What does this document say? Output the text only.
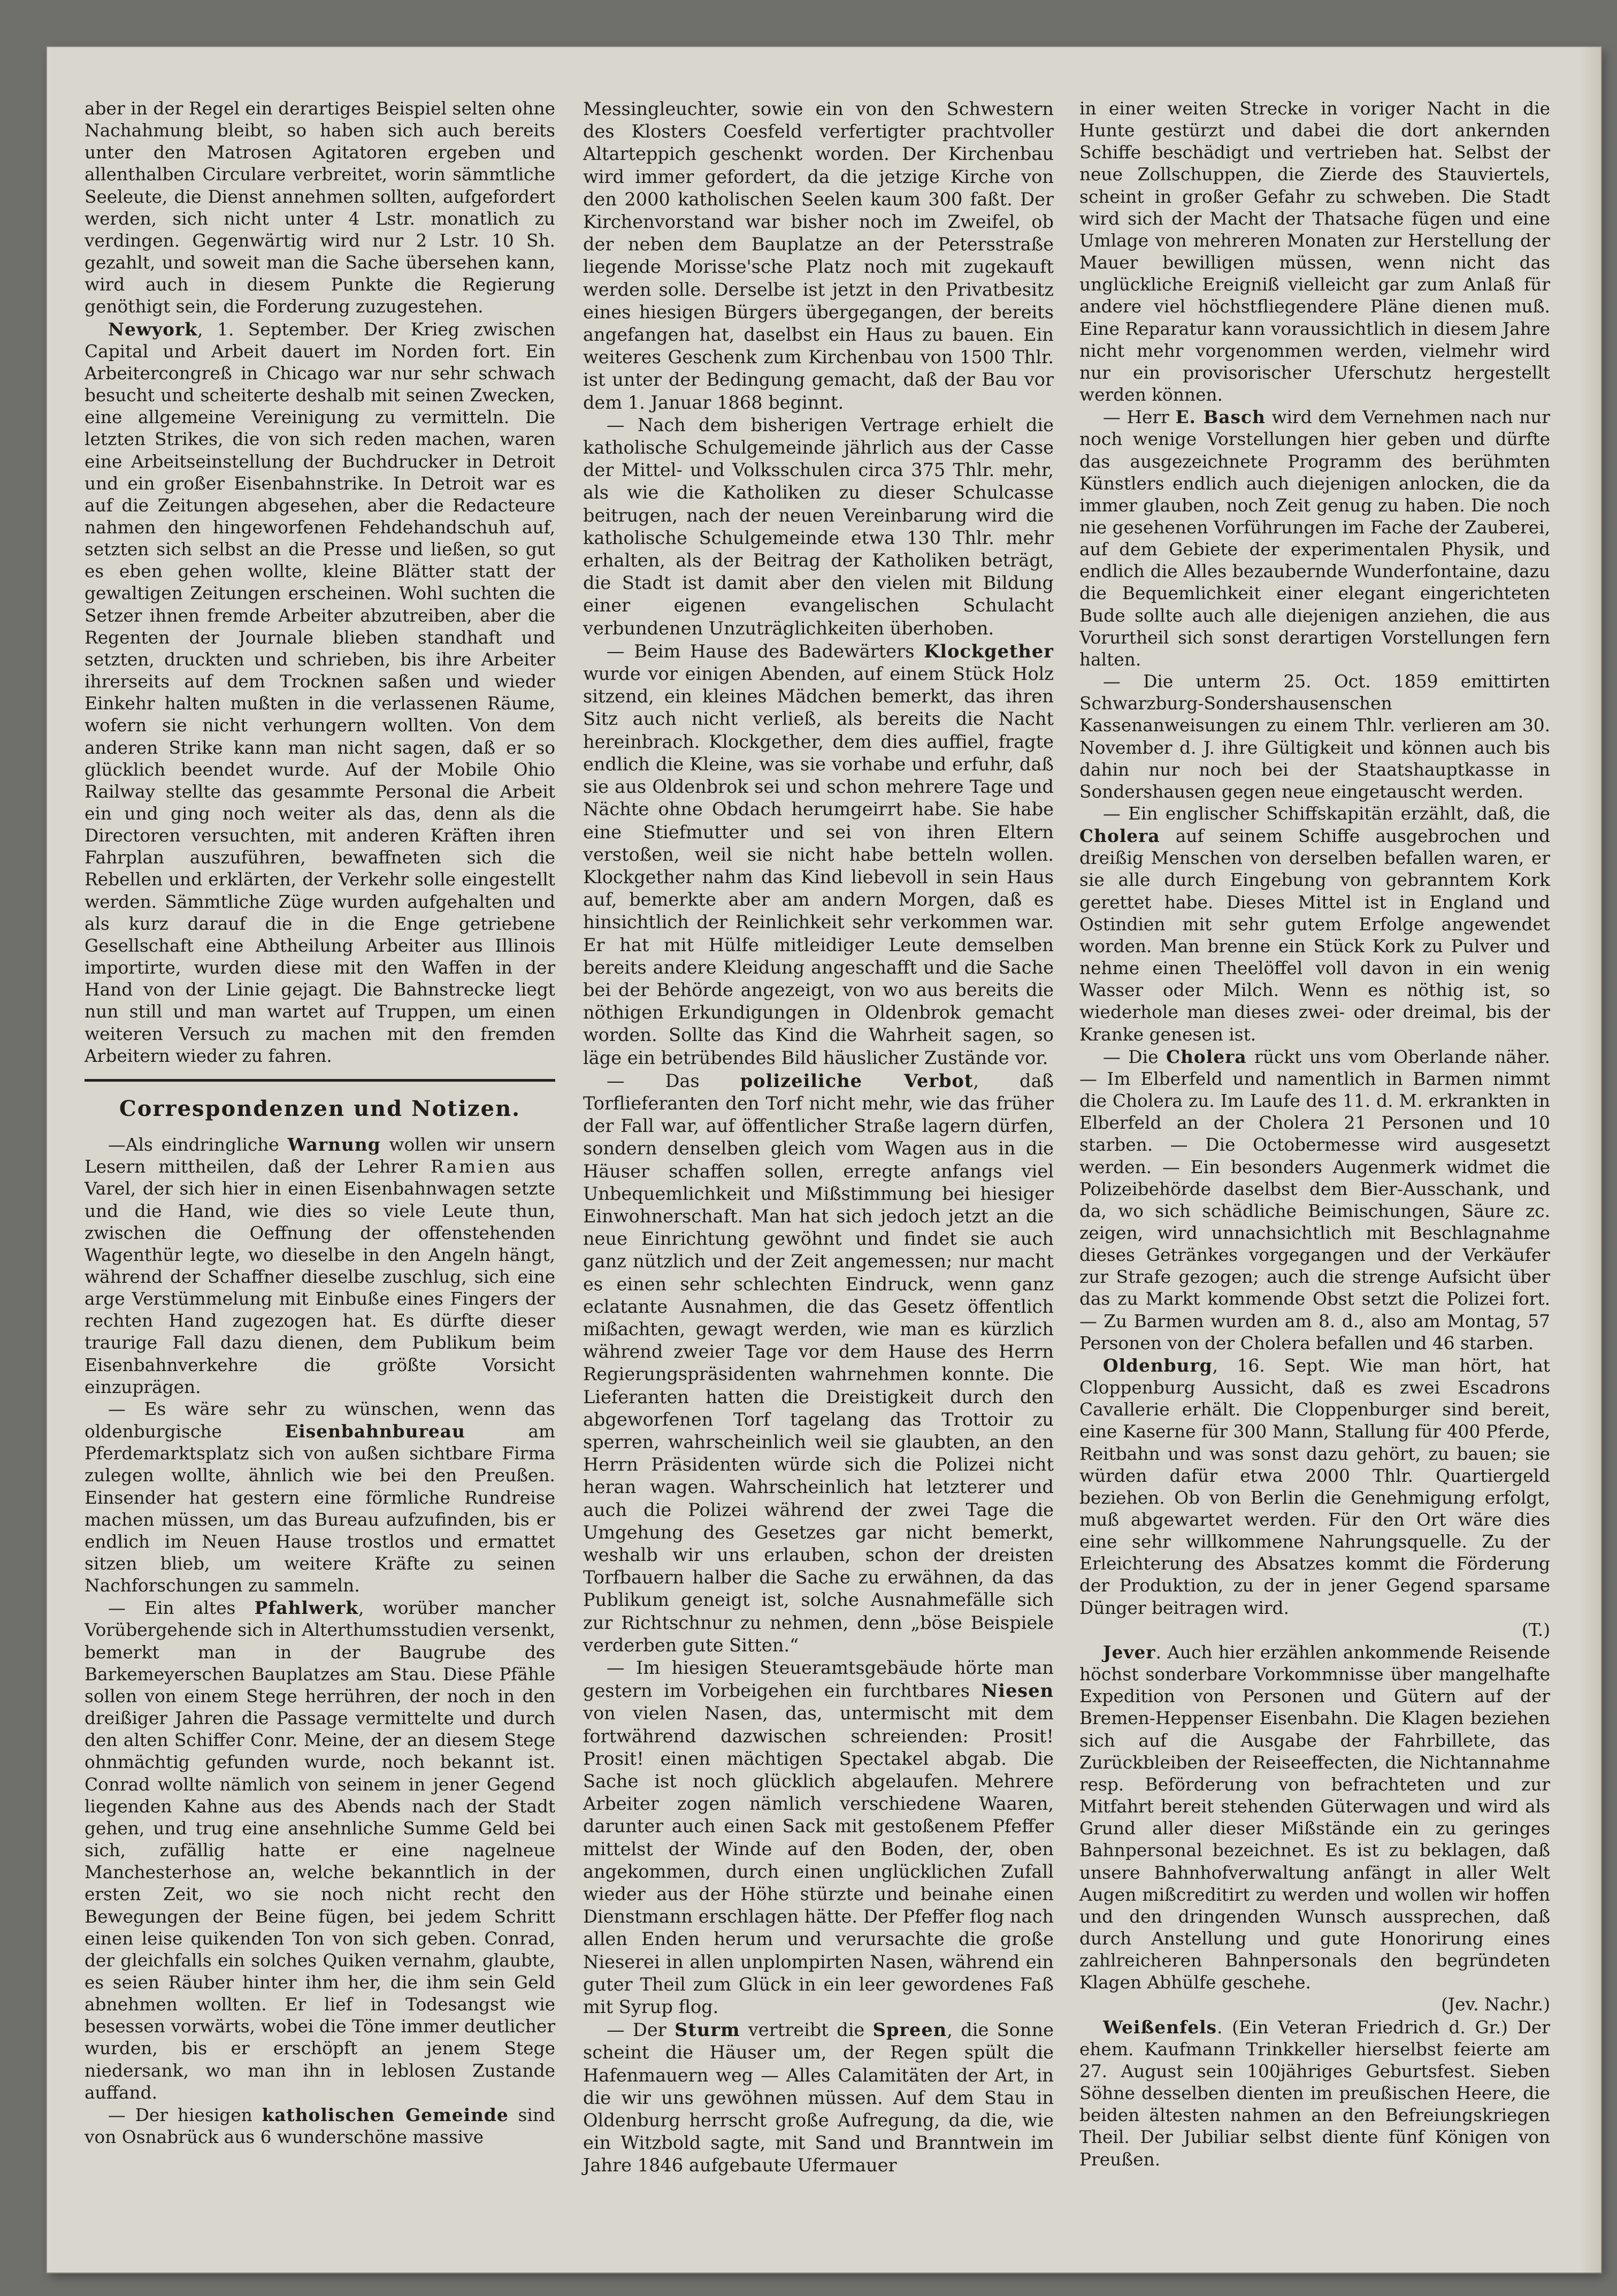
aber in der Regel ein derartiges Beispiel selten ohne Nachahmung bleibt, so haben sich auch bereits unter den Matrosen Agitatoren ergeben und allenthalben Circulare verbreitet, worin sämmtliche Seeleute, die Dienst annehmen sollten, aufgefordert werden, sich nicht unter 4 Lstr. monatlich zu verdingen. Gegenwärtig wird nur 2 Lstr. 10 Sh. gezahlt, und soweit man die Sache übersehen kann, wird auch in diesem Punkte die Regierung genöthigt sein, die Forderung zuzugestehen.

Newyork, 1. September. Der Krieg zwischen Capital und Arbeit dauert im Norden fort. Ein Arbeitercongreß in Chicago war nur sehr schwach besucht und scheiterte deshalb mit seinen Zwecken, eine allgemeine Vereinigung zu vermitteln. Die letzten Strikes, die von sich reden machen, waren eine Arbeitseinstellung der Buchdrucker in Detroit und ein großer Eisenbahnstrike. In Detroit war es auf die Zeitungen abgesehen, aber die Redacteure nahmen den hingeworfenen Fehdehandschuh auf, setzten sich selbst an die Presse und ließen, so gut es eben gehen wollte, kleine Blätter statt der gewaltigen Zeitungen erscheinen. Wohl suchten die Setzer ihnen fremde Arbeiter abzutreiben, aber die Regenten der Journale blieben standhaft und setzten, druckten und schrieben, bis ihre Arbeiter ihrerseits auf dem Trocknen saßen und wieder Einkehr halten mußten in die verlassenen Räume, wofern sie nicht verhungern wollten. Von dem anderen Strike kann man nicht sagen, daß er so glücklich beendet wurde. Auf der Mobile Ohio Railway stellte das gesammte Personal die Arbeit ein und ging noch weiter als das, denn als die Directoren versuchten, mit anderen Kräften ihren Fahrplan auszuführen, bewaffneten sich die Rebellen und erklärten, der Verkehr solle eingestellt werden. Sämmtliche Züge wurden aufgehalten und als kurz darauf die in die Enge getriebene Gesellschaft eine Abtheilung Arbeiter aus Illinois importirte, wurden diese mit den Waffen in der Hand von der Linie gejagt. Die Bahnstrecke liegt nun still und man wartet auf Truppen, um einen weiteren Versuch zu machen mit den fremden Arbeitern wieder zu fahren.

Correspondenzen und Notizen.

—Als eindringliche Warnung wollen wir unsern Lesern mittheilen, daß der Lehrer Ramien aus Varel, der sich hier in einen Eisenbahnwagen setzte und die Hand, wie dies so viele Leute thun, zwischen die Oeffnung der offenstehenden Wagenthür legte, wo dieselbe in den Angeln hängt, während der Schaffner dieselbe zuschlug, sich eine arge Verstümmelung mit Einbuße eines Fingers der rechten Hand zugezogen hat. Es dürfte dieser traurige Fall dazu dienen, dem Publikum beim Eisenbahnverkehre die größte Vorsicht einzuprägen.

— Es wäre sehr zu wünschen, wenn das oldenburgische Eisenbahnbureau am Pferdemarktsplatz sich von außen sichtbare Firma zulegen wollte, ähnlich wie bei den Preußen. Einsender hat gestern eine förmliche Rundreise machen müssen, um das Bureau aufzufinden, bis er endlich im Neuen Hause trostlos und ermattet sitzen blieb, um weitere Kräfte zu seinen Nachforschungen zu sammeln.

— Ein altes Pfahlwerk, worüber mancher Vorübergehende sich in Alterthumsstudien versenkt, bemerkt man in der Baugrube des Barkemeyerschen Bauplatzes am Stau. Diese Pfähle sollen von einem Stege herrühren, der noch in den dreißiger Jahren die Passage vermittelte und durch den alten Schiffer Conr. Meine, der an diesem Stege ohnmächtig gefunden wurde, noch bekannt ist. Conrad wollte nämlich von seinem in jener Gegend liegenden Kahne aus des Abends nach der Stadt gehen, und trug eine ansehnliche Summe Geld bei sich, zufällig hatte er eine nagelneue Manchesterhose an, welche bekanntlich in der ersten Zeit, wo sie noch nicht recht den Bewegungen der Beine fügen, bei jedem Schritt einen leise quikenden Ton von sich geben. Conrad, der gleichfalls ein solches Quiken vernahm, glaubte, es seien Räuber hinter ihm her, die ihm sein Geld abnehmen wollten. Er lief in Todesangst wie besessen vorwärts, wobei die Töne immer deutlicher wurden, bis er erschöpft an jenem Stege niedersank, wo man ihn in leblosen Zustande auffand.

— Der hiesigen katholischen Gemeinde sind von Osnabrück aus 6 wunderschöne massive

Messingleuchter, sowie ein von den Schwestern des Klosters Coesfeld verfertigter prachtvoller Altarteppich geschenkt worden. Der Kirchenbau wird immer gefordert, da die jetzige Kirche von den 2000 katholischen Seelen kaum 300 faßt. Der Kirchenvorstand war bisher noch im Zweifel, ob der neben dem Bauplatze an der Petersstraße liegende Morisse'sche Platz noch mit zugekauft werden solle. Derselbe ist jetzt in den Privatbesitz eines hiesigen Bürgers übergegangen, der bereits angefangen hat, daselbst ein Haus zu bauen. Ein weiteres Geschenk zum Kirchenbau von 1500 Thlr. ist unter der Bedingung gemacht, daß der Bau vor dem 1. Januar 1868 beginnt.

— Nach dem bisherigen Vertrage erhielt die katholische Schulgemeinde jährlich aus der Casse der Mittel- und Volksschulen circa 375 Thlr. mehr, als wie die Katholiken zu dieser Schulcasse beitrugen, nach der neuen Vereinbarung wird die katholische Schulgemeinde etwa 130 Thlr. mehr erhalten, als der Beitrag der Katholiken beträgt, die Stadt ist damit aber den vielen mit Bildung einer eigenen evangelischen Schulacht verbundenen Unzuträglichkeiten überhoben.

— Beim Hause des Badewärters Klockgether wurde vor einigen Abenden, auf einem Stück Holz sitzend, ein kleines Mädchen bemerkt, das ihren Sitz auch nicht verließ, als bereits die Nacht hereinbrach. Klockgether, dem dies auffiel, fragte endlich die Kleine, was sie vorhabe und erfuhr, daß sie aus Oldenbrok sei und schon mehrere Tage und Nächte ohne Obdach herumgeirrt habe. Sie habe eine Stiefmutter und sei von ihren Eltern verstoßen, weil sie nicht habe betteln wollen. Klockgether nahm das Kind liebevoll in sein Haus auf, bemerkte aber am andern Morgen, daß es hinsichtlich der Reinlichkeit sehr verkommen war. Er hat mit Hülfe mitleidiger Leute demselben bereits andere Kleidung angeschafft und die Sache bei der Behörde angezeigt, von wo aus bereits die nöthigen Erkundigungen in Oldenbrok gemacht worden. Sollte das Kind die Wahrheit sagen, so läge ein betrübendes Bild häuslicher Zustände vor.

— Das polizeiliche Verbot, daß Torflieferanten den Torf nicht mehr, wie das früher der Fall war, auf öffentlicher Straße lagern dürfen, sondern denselben gleich vom Wagen aus in die Häuser schaffen sollen, erregte anfangs viel Unbequemlichkeit und Mißstimmung bei hiesiger Einwohnerschaft. Man hat sich jedoch jetzt an die neue Einrichtung gewöhnt und findet sie auch ganz nützlich und der Zeit angemessen; nur macht es einen sehr schlechten Eindruck, wenn ganz eclatante Ausnahmen, die das Gesetz öffentlich mißachten, gewagt werden, wie man es kürzlich während zweier Tage vor dem Hause des Herrn Regierungspräsidenten wahrnehmen konnte. Die Lieferanten hatten die Dreistigkeit durch den abgeworfenen Torf tagelang das Trottoir zu sperren, wahrscheinlich weil sie glaubten, an den Herrn Präsidenten würde sich die Polizei nicht heran wagen. Wahrscheinlich hat letzterer und auch die Polizei während der zwei Tage die Umgehung des Gesetzes gar nicht bemerkt, weshalb wir uns erlauben, schon der dreisten Torfbauern halber die Sache zu erwähnen, da das Publikum geneigt ist, solche Ausnahmefälle sich zur Richtschnur zu nehmen, denn „böse Beispiele verderben gute Sitten.“

— Im hiesigen Steueramtsgebäude hörte man gestern im Vorbeigehen ein furchtbares Niesen von vielen Nasen, das, untermischt mit dem fortwährend dazwischen schreienden: Prosit! Prosit! einen mächtigen Spectakel abgab. Die Sache ist noch glücklich abgelaufen. Mehrere Arbeiter zogen nämlich verschiedene Waaren, darunter auch einen Sack mit gestoßenem Pfeffer mittelst der Winde auf den Boden, der, oben angekommen, durch einen unglücklichen Zufall wieder aus der Höhe stürzte und beinahe einen Dienstmann erschlagen hätte. Der Pfeffer flog nach allen Enden herum und verursachte die große Nieserei in allen unplompirten Nasen, während ein guter Theil zum Glück in ein leer gewordenes Faß mit Syrup flog.

— Der Sturm vertreibt die Spreen, die Sonne scheint die Häuser um, der Regen spült die Hafenmauern weg — Alles Calamitäten der Art, in die wir uns gewöhnen müssen. Auf dem Stau in Oldenburg herrscht große Aufregung, da die, wie ein Witzbold sagte, mit Sand und Branntwein im Jahre 1846 aufgebaute Ufermauer

in einer weiten Strecke in voriger Nacht in die Hunte gestürzt und dabei die dort ankernden Schiffe beschädigt und vertrieben hat. Selbst der neue Zollschuppen, die Zierde des Stauviertels, scheint in großer Gefahr zu schweben. Die Stadt wird sich der Macht der Thatsache fügen und eine Umlage von mehreren Monaten zur Herstellung der Mauer bewilligen müssen, wenn nicht das unglückliche Ereigniß vielleicht gar zum Anlaß für andere viel höchstfliegendere Pläne dienen muß. Eine Reparatur kann voraussichtlich in diesem Jahre nicht mehr vorgenommen werden, vielmehr wird nur ein provisorischer Uferschutz hergestellt werden können.

— Herr E. Basch wird dem Vernehmen nach nur noch wenige Vorstellungen hier geben und dürfte das ausgezeichnete Programm des berühmten Künstlers endlich auch diejenigen anlocken, die da immer glauben, noch Zeit genug zu haben. Die noch nie gesehenen Vorführungen im Fache der Zauberei, auf dem Gebiete der experimentalen Physik, und endlich die Alles bezaubernde Wunderfontaine, dazu die Bequemlichkeit einer elegant eingerichteten Bude sollte auch alle diejenigen anziehen, die aus Vorurtheil sich sonst derartigen Vorstellungen fern halten.

— Die unterm 25. Oct. 1859 emittirten Schwarzburg-Sondershausenschen Kassenanweisungen zu einem Thlr. verlieren am 30. November d. J. ihre Gültigkeit und können auch bis dahin nur noch bei der Staatshauptkasse in Sondershausen gegen neue eingetauscht werden.

— Ein englischer Schiffskapitän erzählt, daß, die Cholera auf seinem Schiffe ausgebrochen und dreißig Menschen von derselben befallen waren, er sie alle durch Eingebung von gebranntem Kork gerettet habe. Dieses Mittel ist in England und Ostindien mit sehr gutem Erfolge angewendet worden. Man brenne ein Stück Kork zu Pulver und nehme einen Theelöffel voll davon in ein wenig Wasser oder Milch. Wenn es nöthig ist, so wiederhole man dieses zwei- oder dreimal, bis der Kranke genesen ist.

— Die Cholera rückt uns vom Oberlande näher. — Im Elberfeld und namentlich in Barmen nimmt die Cholera zu. Im Laufe des 11. d. M. erkrankten in Elberfeld an der Cholera 21 Personen und 10 starben. — Die Octobermesse wird ausgesetzt werden. — Ein besonders Augenmerk widmet die Polizeibehörde daselbst dem Bier-Ausschank, und da, wo sich schädliche Beimischungen, Säure zc. zeigen, wird unnachsichtlich mit Beschlagnahme dieses Getränkes vorgegangen und der Verkäufer zur Strafe gezogen; auch die strenge Aufsicht über das zu Markt kommende Obst setzt die Polizei fort. — Zu Barmen wurden am 8. d., also am Montag, 57 Personen von der Cholera befallen und 46 starben.

Oldenburg, 16. Sept. Wie man hört, hat Cloppenburg Aussicht, daß es zwei Escadrons Cavallerie erhält. Die Cloppenburger sind bereit, eine Kaserne für 300 Mann, Stallung für 400 Pferde, Reitbahn und was sonst dazu gehört, zu bauen; sie würden dafür etwa 2000 Thlr. Quartiergeld beziehen. Ob von Berlin die Genehmigung erfolgt, muß abgewartet werden. Für den Ort wäre dies eine sehr willkommene Nahrungsquelle. Zu der Erleichterung des Absatzes kommt die Förderung der Produktion, zu der in jener Gegend sparsame Dünger beitragen wird.

(T.)

Jever. Auch hier erzählen ankommende Reisende höchst sonderbare Vorkommnisse über mangelhafte Expedition von Personen und Gütern auf der Bremen-Heppenser Eisenbahn. Die Klagen beziehen sich auf die Ausgabe der Fahrbillete, das Zurückbleiben der Reiseeffecten, die Nichtannahme resp. Beförderung von befrachteten und zur Mitfahrt bereit stehenden Güterwagen und wird als Grund aller dieser Mißstände ein zu geringes Bahnpersonal bezeichnet. Es ist zu beklagen, daß unsere Bahnhofverwaltung anfängt in aller Welt Augen mißcreditirt zu werden und wollen wir hoffen und den dringenden Wunsch aussprechen, daß durch Anstellung und gute Honorirung eines zahlreicheren Bahnpersonals den begründeten Klagen Abhülfe geschehe.

(Jev. Nachr.)

Weißenfels. (Ein Veteran Friedrich d. Gr.) Der ehem. Kaufmann Trinkkeller hierselbst feierte am 27. August sein 100jähriges Geburtsfest. Sieben Söhne desselben dienten im preußischen Heere, die beiden ältesten nahmen an den Befreiungskriegen Theil. Der Jubiliar selbst diente fünf Königen von Preußen.
